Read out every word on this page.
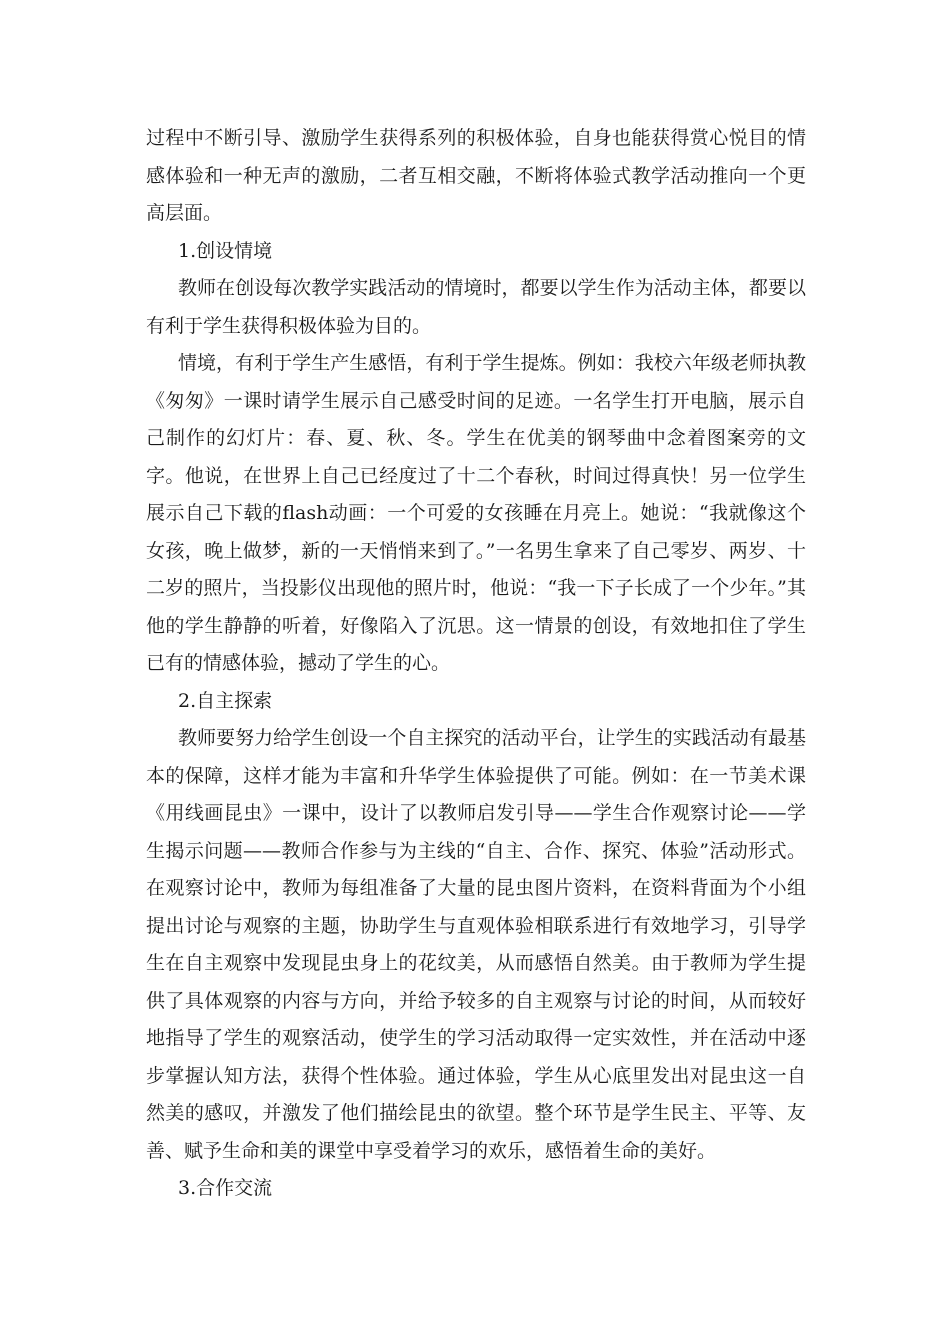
过程中不断引导、激励学生获得系列的积极体验，自身也能获得赏心悦目的情感体验和一种无声的激励，二者互相交融，不断将体验式教学活动推向一个更高层面。

1.创设情境

教师在创设每次教学实践活动的情境时，都要以学生作为活动主体，都要以有利于学生获得积极体验为目的。

情境，有利于学生产生感悟，有利于学生提炼。例如：我校六年级老师执教《匆匆》一课时请学生展示自己感受时间的足迹。一名学生打开电脑，展示自己制作的幻灯片：春、夏、秋、冬。学生在优美的钢琴曲中念着图案旁的文字。他说，在世界上自己已经度过了十二个春秋，时间过得真快！另一位学生展示自己下载的flash动画：一个可爱的女孩睡在月亮上。她说：“我就像这个女孩，晚上做梦，新的一天悄悄来到了。”一名男生拿来了自己零岁、两岁、十二岁的照片，当投影仪出现他的照片时，他说：“我一下子长成了一个少年。”其他的学生静静的听着，好像陷入了沉思。这一情景的创设，有效地扣住了学生已有的情感体验，撼动了学生的心。

2.自主探索

教师要努力给学生创设一个自主探究的活动平台，让学生的实践活动有最基本的保障，这样才能为丰富和升华学生体验提供了可能。例如：在一节美术课《用线画昆虫》一课中，设计了以教师启发引导——学生合作观察讨论——学生揭示问题——教师合作参与为主线的“自主、合作、探究、体验”活动形式。在观察讨论中，教师为每组准备了大量的昆虫图片资料，在资料背面为个小组提出讨论与观察的主题，协助学生与直观体验相联系进行有效地学习，引导学生在自主观察中发现昆虫身上的花纹美，从而感悟自然美。由于教师为学生提供了具体观察的内容与方向，并给予较多的自主观察与讨论的时间，从而较好地指导了学生的观察活动，使学生的学习活动取得一定实效性，并在活动中逐步掌握认知方法，获得个性体验。通过体验，学生从心底里发出对昆虫这一自然美的感叹，并激发了他们描绘昆虫的欲望。整个环节是学生民主、平等、友善、赋予生命和美的课堂中享受着学习的欢乐，感悟着生命的美好。

3.合作交流
